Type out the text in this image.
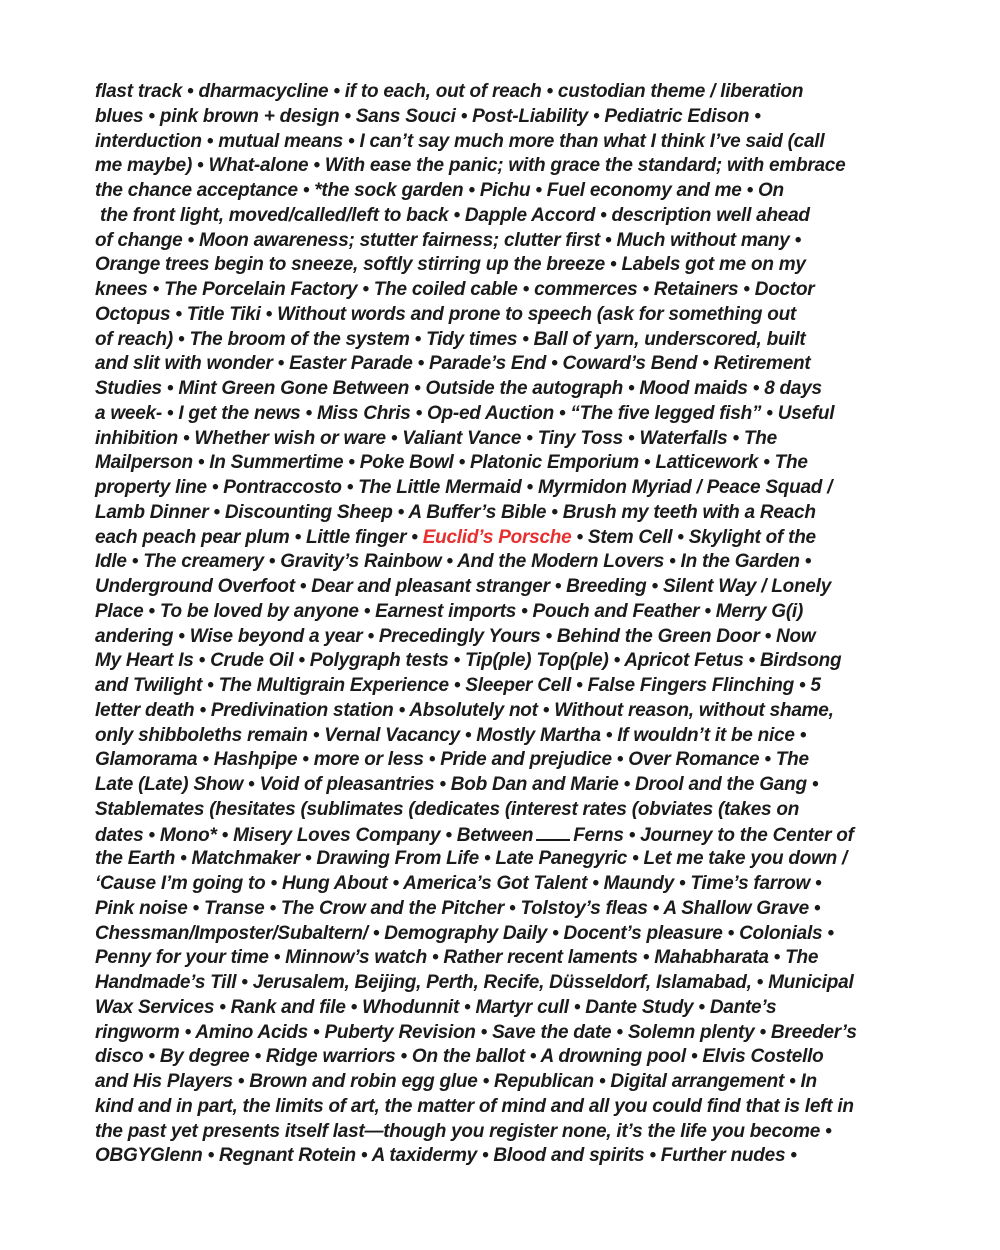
flast track • dharmacycline • if to each, out of reach • custodian theme / liberation
blues • pink brown + design • Sans Souci • Post-Liability • Pediatric Edison •
interduction • mutual means • I can’t say much more than what I think I’ve said (call
me maybe) • What-alone • With ease the panic; with grace the standard; with embrace
the chance acceptance • *the sock garden • Pichu • Fuel economy and me • On
the front light, moved/called/left to back • Dapple Accord • description well ahead
of change • Moon awareness; stutter fairness; clutter first • Much without many •
Orange trees begin to sneeze, softly stirring up the breeze • Labels got me on my
knees • The Porcelain Factory • The coiled cable • commerces • Retainers • Doctor
Octopus • Title Tiki • Without words and prone to speech (ask for something out
of reach) • The broom of the system • Tidy times • Ball of yarn, underscored, built
and slit with wonder • Easter Parade • Parade’s End • Coward’s Bend • Retirement
Studies • Mint Green Gone Between • Outside the autograph • Mood maids • 8 days
a week- • I get the news • Miss Chris • Op-ed Auction • “The five legged fish” • Useful
inhibition • Whether wish or ware • Valiant Vance • Tiny Toss • Waterfalls • The
Mailperson • In Summertime • Poke Bowl • Platonic Emporium • Latticework • The
property line • Pontraccosto • The Little Mermaid • Myrmidon Myriad / Peace Squad /
Lamb Dinner • Discounting Sheep • A Buffer’s Bible • Brush my teeth with a Reach
each peach pear plum • Little finger • Euclid’s Porsche • Stem Cell • Skylight of the
Idle • The creamery • Gravity’s Rainbow • And the Modern Lovers • In the Garden •
Underground Overfoot • Dear and pleasant stranger • Breeding • Silent Way / Lonely
Place • To be loved by anyone • Earnest imports • Pouch and Feather • Merry G(i)
andering • Wise beyond a year • Precedingly Yours • Behind the Green Door • Now
My Heart Is • Crude Oil • Polygraph tests • Tip(ple) Top(ple) • Apricot Fetus • Birdsong
and Twilight • The Multigrain Experience • Sleeper Cell • False Fingers Flinching • 5
letter death • Predivination station • Absolutely not • Without reason, without shame,
only shibboleths remain • Vernal Vacancy • Mostly Martha • If wouldn’t it be nice •
Glamorama • Hashpipe • more or less • Pride and prejudice • Over Romance • The
Late (Late) Show • Void of pleasantries • Bob Dan and Marie • Drool and the Gang •
Stablemates (hesitates (sublimates (dedicates (interest rates (obviates (takes on
dates • Mono* • Misery Loves Company • Between Ferns • Journey to the Center of
the Earth • Matchmaker • Drawing From Life • Late Panegyric • Let me take you down /
‘Cause I’m going to • Hung About • America’s Got Talent • Maundy • Time’s farrow •
Pink noise • Transe • The Crow and the Pitcher • Tolstoy’s fleas • A Shallow Grave •
Chessman/Imposter/Subaltern/ • Demography Daily • Docent’s pleasure • Colonials •
Penny for your time • Minnow’s watch • Rather recent laments • Mahabharata • The
Handmade’s Till • Jerusalem, Beijing, Perth, Recife, Düsseldorf, Islamabad, • Municipal
Wax Services • Rank and file • Whodunnit • Martyr cull • Dante Study • Dante’s
ringworm • Amino Acids • Puberty Revision • Save the date • Solemn plenty • Breeder’s
disco • By degree • Ridge warriors • On the ballot • A drowning pool • Elvis Costello
and His Players • Brown and robin egg glue • Republican • Digital arrangement • In
kind and in part, the limits of art, the matter of mind and all you could find that is left in
the past yet presents itself last—though you register none, it’s the life you become •
OBGYGlenn • Regnant Rotein • A taxidermy • Blood and spirits • Further nudes •
